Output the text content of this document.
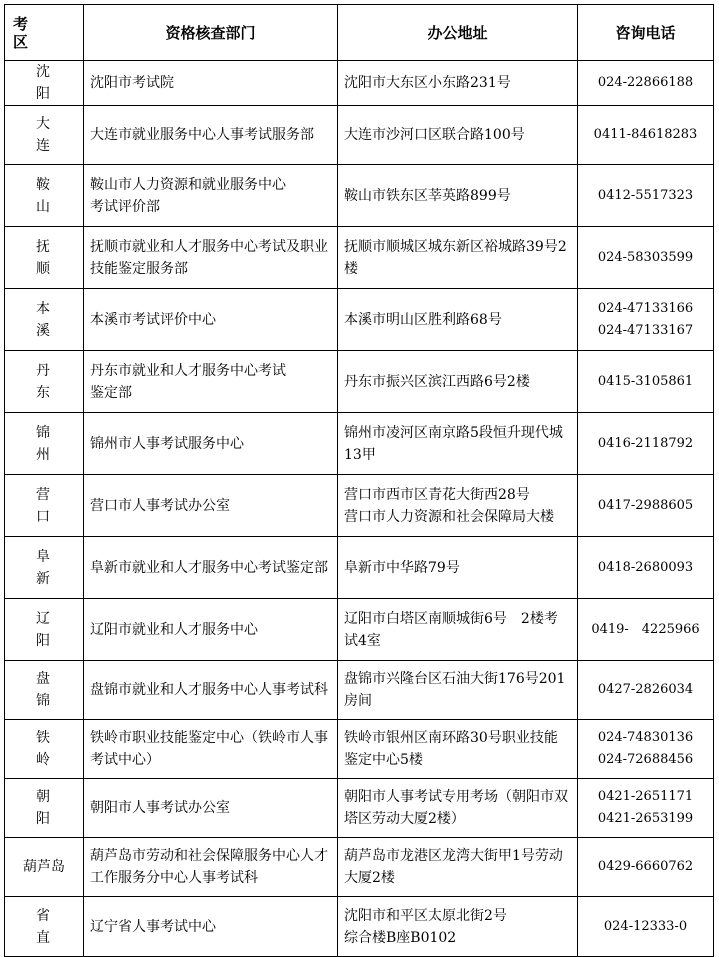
考区	资格核查部门	办公地址	咨询电话
沈阳	沈阳市考试院	沈阳市大东区小东路231号	024-22866188

大连	大连市就业服务中心人事考试服务部	大连市沙河口区联合路100号	0411-84618283

鞍山	鞍山市人力资源和就业服务中心
考试评价部	鞍山市铁东区莘英路899号	0412-5517323

抚顺	抚顺市就业和人才服务中心考试及职业技能鉴定服务部	抚顺市顺城区城东新区裕城路39号2楼	024-58303599

本溪	本溪市考试评价中心	本溪市明山区胜利路68号	024-47133166
024-47133167

丹东	丹东市就业和人才服务中心考试
鉴定部	丹东市振兴区滨江西路6号2楼	0415-3105861

锦州	锦州市人事考试服务中心	锦州市凌河区南京路5段恒升现代城13甲	0416-2118792

营口	营口市人事考试办公室	营口市西市区青花大街西28号
营口市人力资源和社会保障局大楼	0417-2988605

阜新	阜新市就业和人才服务中心考试鉴定部	阜新市中华路79号	0418-2680093

辽阳	辽阳市就业和人才服务中心	辽阳市白塔区南顺城街6号　2楼考试4室	0419-　4225966

盘锦	盘锦市就业和人才服务中心人事考试科	盘锦市兴隆台区石油大街176号201房间	0427-2826034

铁岭	铁岭市职业技能鉴定中心（铁岭市人事考试中心）	铁岭市银州区南环路30号职业技能鉴定中心5楼	024-74830136 024-72688456

朝阳	朝阳市人事考试办公室	朝阳市人事考试专用考场（朝阳市双塔区劳动大厦2楼）	0421-2651171
0421-2653199

葫芦岛	葫芦岛市劳动和社会保障服务中心人才工作服务分中心人事考试科	葫芦岛市龙港区龙湾大街甲1号劳动大厦2楼	0429-6660762

省直	辽宁省人事考试中心	沈阳市和平区太原北街2号
综合楼B座B0102	024-12333-0
